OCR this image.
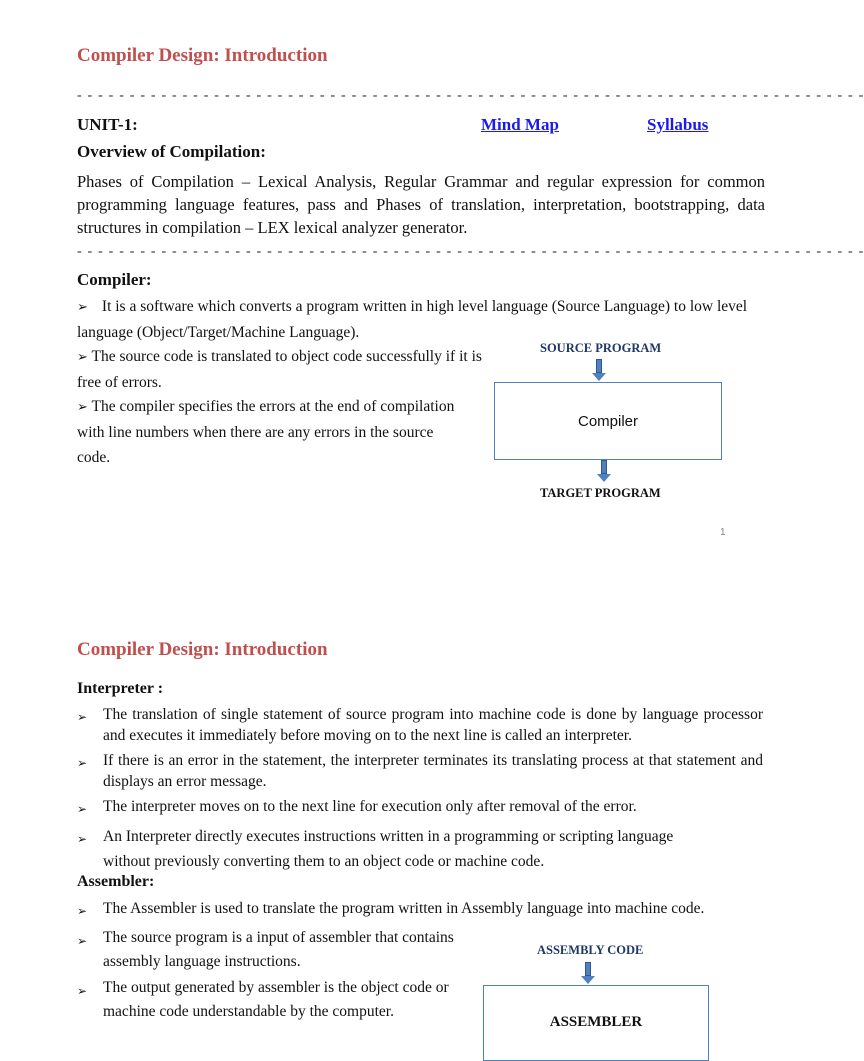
Compiler Design: Introduction
- - - - - - - - - - - - - - - - - - - - - - - - - - - - - - - - - - - - - - - - - - - - - - - - - - - - - - - - - - - - - - - - - - - - - - - - - - -
UNIT-1:	Mind Map	Syllabus
Overview of Compilation:
Phases of Compilation – Lexical Analysis, Regular Grammar and regular expression for common programming language features, pass and Phases of translation, interpretation, bootstrapping, data structures in compilation – LEX lexical analyzer generator.
- - - - - - - - - - - - - - - - - - - - - - - - - - - - - - - - - - - - - - - - - - - - - - - - - - - - - - - - - - - - - - - - - - - - - - - - - - -
Compiler:
➢ It is a software which converts a program written in high level language (Source Language) to low level language (Object/Target/Machine Language).
➢ The source code is translated to object code successfully if it is free of errors.
➢ The compiler specifies the errors at the end of compilation with line numbers when there are any errors in the source code.
SOURCE PROGRAM
Compiler
TARGET PROGRAM
1
Compiler Design: Introduction
Interpreter :
➢	The translation of single statement of source program into machine code is done by language processor and executes it immediately before moving on to the next line is called an interpreter.
➢	If there is an error in the statement, the interpreter terminates its translating process at that statement and displays an error message.
➢	The interpreter moves on to the next line for execution only after removal of the error.
➢	An Interpreter directly executes instructions written in a programming or scripting language without previously converting them to an object code or machine code.
Assembler:
➢	The Assembler is used to translate the program written in Assembly language into machine code.
➢	The source program is a input of assembler that contains assembly language instructions.
➢	The output generated by assembler is the object code or machine code understandable by the computer.
ASSEMBLY CODE
ASSEMBLER
